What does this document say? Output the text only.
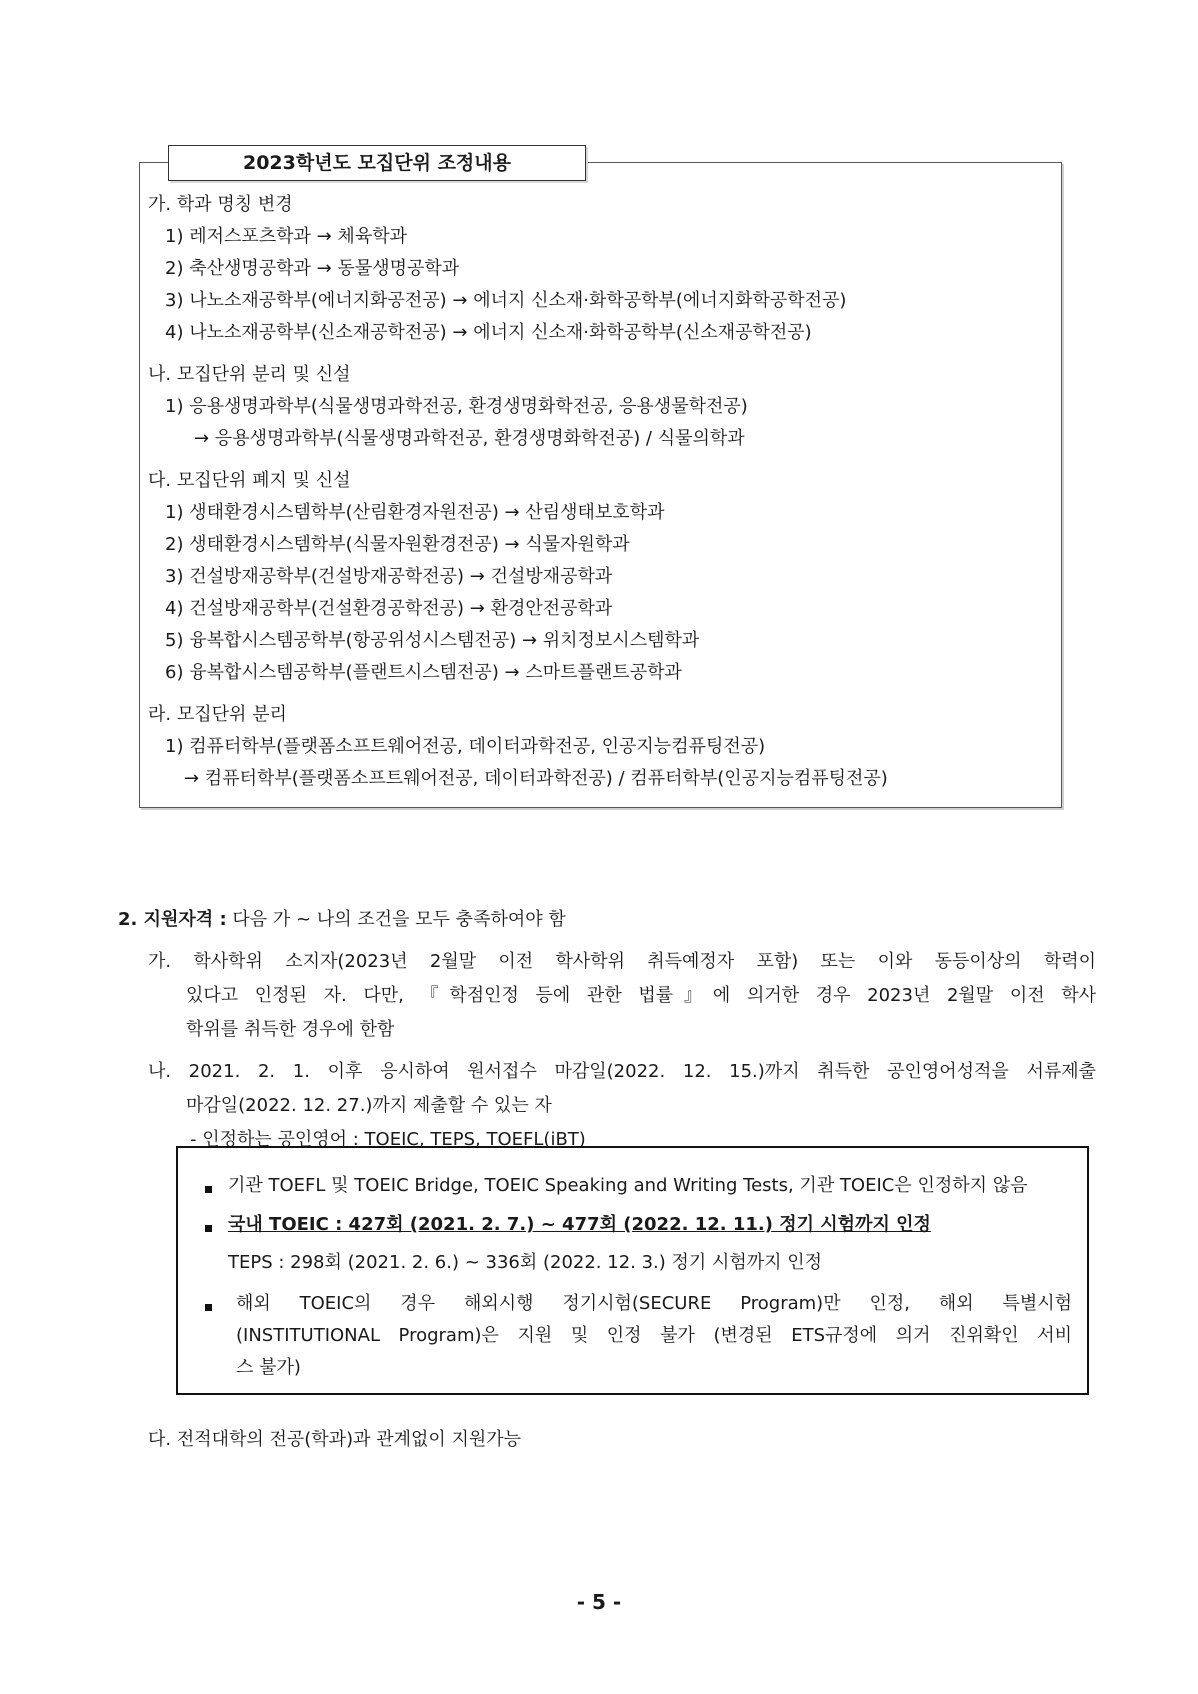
가. 학과 명칭 변경
1) 레저스포츠학과 → 체육학과
2) 축산생명공학과 → 동물생명공학과
3) 나노소재공학부(에너지화공전공) → 에너지 신소재·화학공학부(에너지화학공학전공)
4) 나노소재공학부(신소재공학전공) → 에너지 신소재·화학공학부(신소재공학전공)
나. 모집단위 분리 및 신설
1) 응용생명과학부(식물생명과학전공, 환경생명화학전공, 응용생물학전공)
→ 응용생명과학부(식물생명과학전공, 환경생명화학전공) / 식물의학과
다. 모집단위 폐지 및 신설
1) 생태환경시스템학부(산림환경자원전공) → 산림생태보호학과
2) 생태환경시스템학부(식물자원환경전공) → 식물자원학과
3) 건설방재공학부(건설방재공학전공) → 건설방재공학과
4) 건설방재공학부(건설환경공학전공) → 환경안전공학과
5) 융복합시스템공학부(항공위성시스템전공) → 위치정보시스템학과
6) 융복합시스템공학부(플랜트시스템전공) → 스마트플랜트공학과
라. 모집단위 분리
1) 컴퓨터학부(플랫폼소프트웨어전공, 데이터과학전공, 인공지능컴퓨팅전공)
→ 컴퓨터학부(플랫폼소프트웨어전공, 데이터과학전공) / 컴퓨터학부(인공지능컴퓨팅전공)
2023학년도 모집단위 조정내용
2. 지원자격 : 다음 가 ~ 나의 조건을 모두 충족하여야 함
가. 학사학위 소지자(2023년 2월말 이전 학사학위 취득예정자 포함) 또는 이와 동등이상의 학력이
있다고 인정된 자. 다만, 『학점인정 등에 관한 법률』에 의거한 경우 2023년 2월말 이전 학사
학위를 취득한 경우에 한함
나. 2021. 2. 1. 이후 응시하여 원서접수 마감일(2022. 12. 15.)까지 취득한 공인영어성적을 서류제출
마감일(2022. 12. 27.)까지 제출할 수 있는 자
- 인정하는 공인영어 : TOEIC, TEPS, TOEFL(iBT)
기관 TOEFL 및 TOEIC Bridge, TOEIC Speaking and Writing Tests, 기관 TOEIC은 인정하지 않음
국내 TOEIC : 427회 (2021. 2. 7.) ~ 477회 (2022. 12. 11.) 정기 시험까지 인정
TEPS : 298회 (2021. 2. 6.) ~ 336회 (2022. 12. 3.) 정기 시험까지 인정
해외 TOEIC의 경우 해외시행 정기시험(SECURE Program)만 인정, 해외 특별시험
(INSTITUTIONAL Program)은 지원 및 인정 불가 (변경된 ETS규정에 의거 진위확인 서비
스 불가)
다. 전적대학의 전공(학과)과 관계없이 지원가능
- 5 -
